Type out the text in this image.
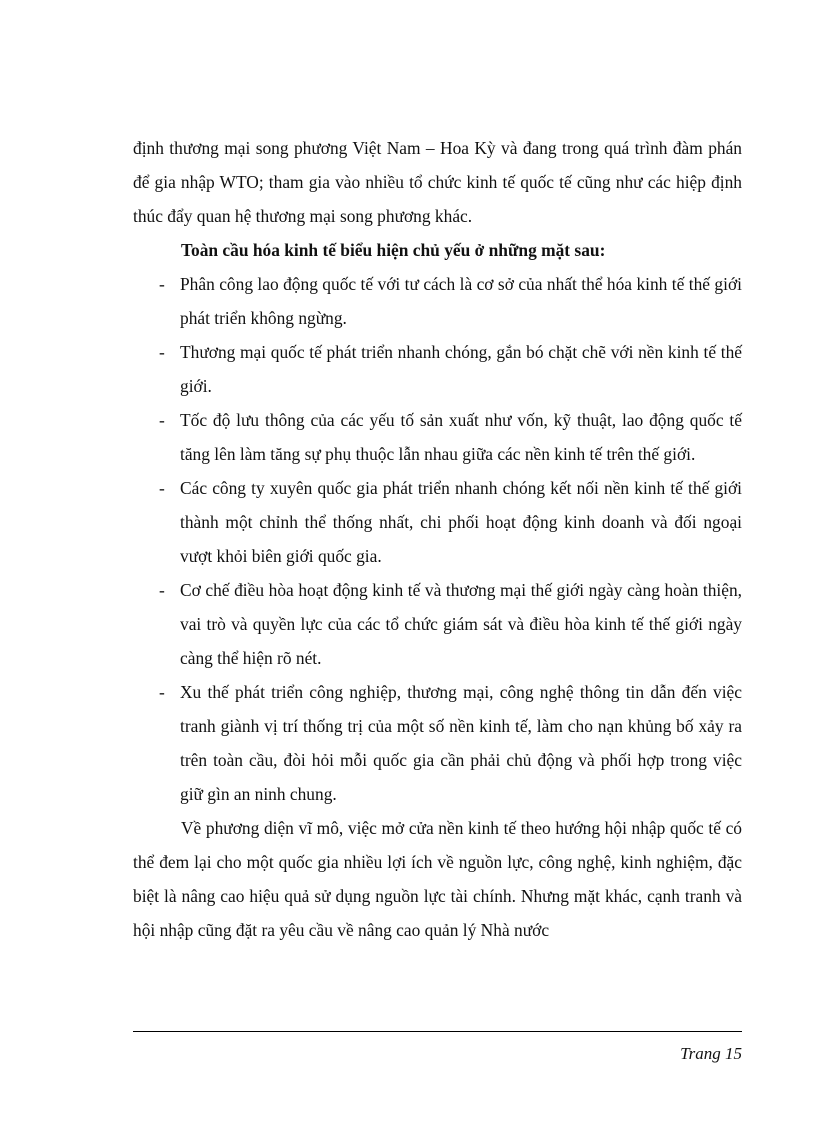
định thương mại song phương Việt Nam – Hoa Kỳ và đang trong quá trình đàm phán để gia nhập WTO; tham gia vào nhiều tổ chức kinh tế quốc tế cũng như các hiệp định thúc đẩy quan hệ thương mại song phương khác.

Toàn cầu hóa kinh tế biểu hiện chủ yếu ở những mặt sau:

- Phân công lao động quốc tế với tư cách là cơ sở của nhất thể hóa kinh tế thế giới phát triển không ngừng.
- Thương mại quốc tế phát triển nhanh chóng, gắn bó chặt chẽ với nền kinh tế thế giới.
- Tốc độ lưu thông của các yếu tố sản xuất như vốn, kỹ thuật, lao động quốc tế tăng lên làm tăng sự phụ thuộc lẫn nhau giữa các nền kinh tế trên thế giới.
- Các công ty xuyên quốc gia phát triển nhanh chóng kết nối nền kinh tế thế giới thành một chỉnh thể thống nhất, chi phối hoạt động kinh doanh và đối ngoại vượt khỏi biên giới quốc gia.
- Cơ chế điều hòa hoạt động kinh tế và thương mại thế giới ngày càng hoàn thiện, vai trò và quyền lực của các tổ chức giám sát và điều hòa kinh tế thế giới ngày càng thể hiện rõ nét.
- Xu thế phát triển công nghiệp, thương mại, công nghệ thông tin dẫn đến việc tranh giành vị trí thống trị của một số nền kinh tế, làm cho nạn khủng bố xảy ra trên toàn cầu, đòi hỏi mỗi quốc gia cần phải chủ động và phối hợp trong việc giữ gìn an ninh chung.

Về phương diện vĩ mô, việc mở cửa nền kinh tế theo hướng hội nhập quốc tế có thể đem lại cho một quốc gia nhiều lợi ích về nguồn lực, công nghệ, kinh nghiệm, đặc biệt là nâng cao hiệu quả sử dụng nguồn lực tài chính. Nhưng mặt khác, cạnh tranh và hội nhập cũng đặt ra yêu cầu về nâng cao quản lý Nhà nước

Trang 15
